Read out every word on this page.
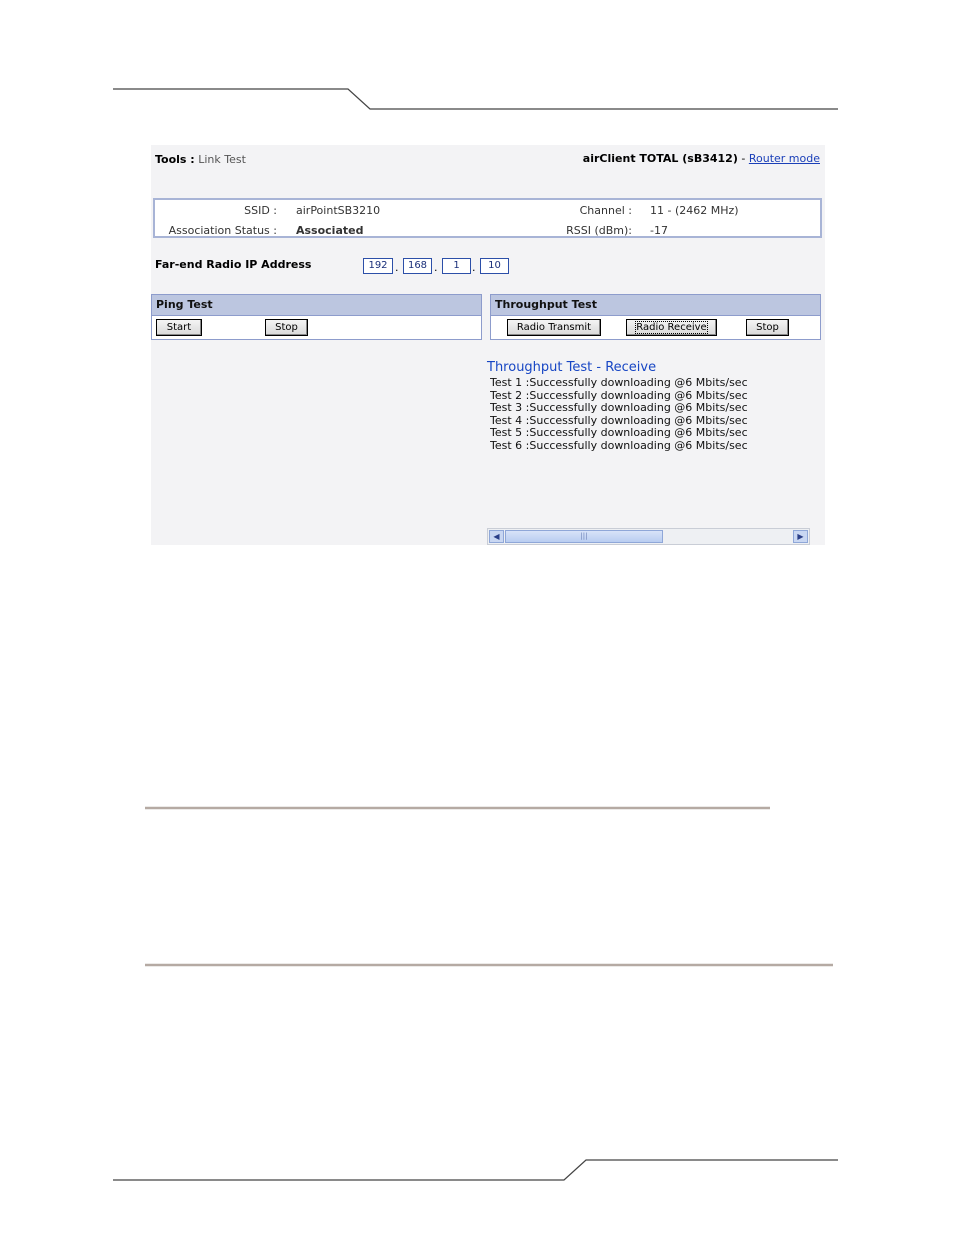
Tools : Link Test	airClient TOTAL (sB3412) - Router mode
SSID : airPointSB3210	Channel : 11 - (2462 MHz)
Association Status : Associated	RSSI (dBm): -17
Far-end Radio IP Address	192 . 168 .	1	.	10
Ping Test
Start	Stop
Throughput Test
Radio Transmit	Radio Receive	Stop
Throughput Test - Receive
Test 1 :Successfully downloading @6 Mbits/sec
Test 2 :Successfully downloading @6 Mbits/sec
Test 3 :Successfully downloading @6 Mbits/sec
Test 4 :Successfully downloading @6 Mbits/sec
Test 5 :Successfully downloading @6 Mbits/sec
Test 6 :Successfully downloading @6 Mbits/sec
◀	|||	▶
